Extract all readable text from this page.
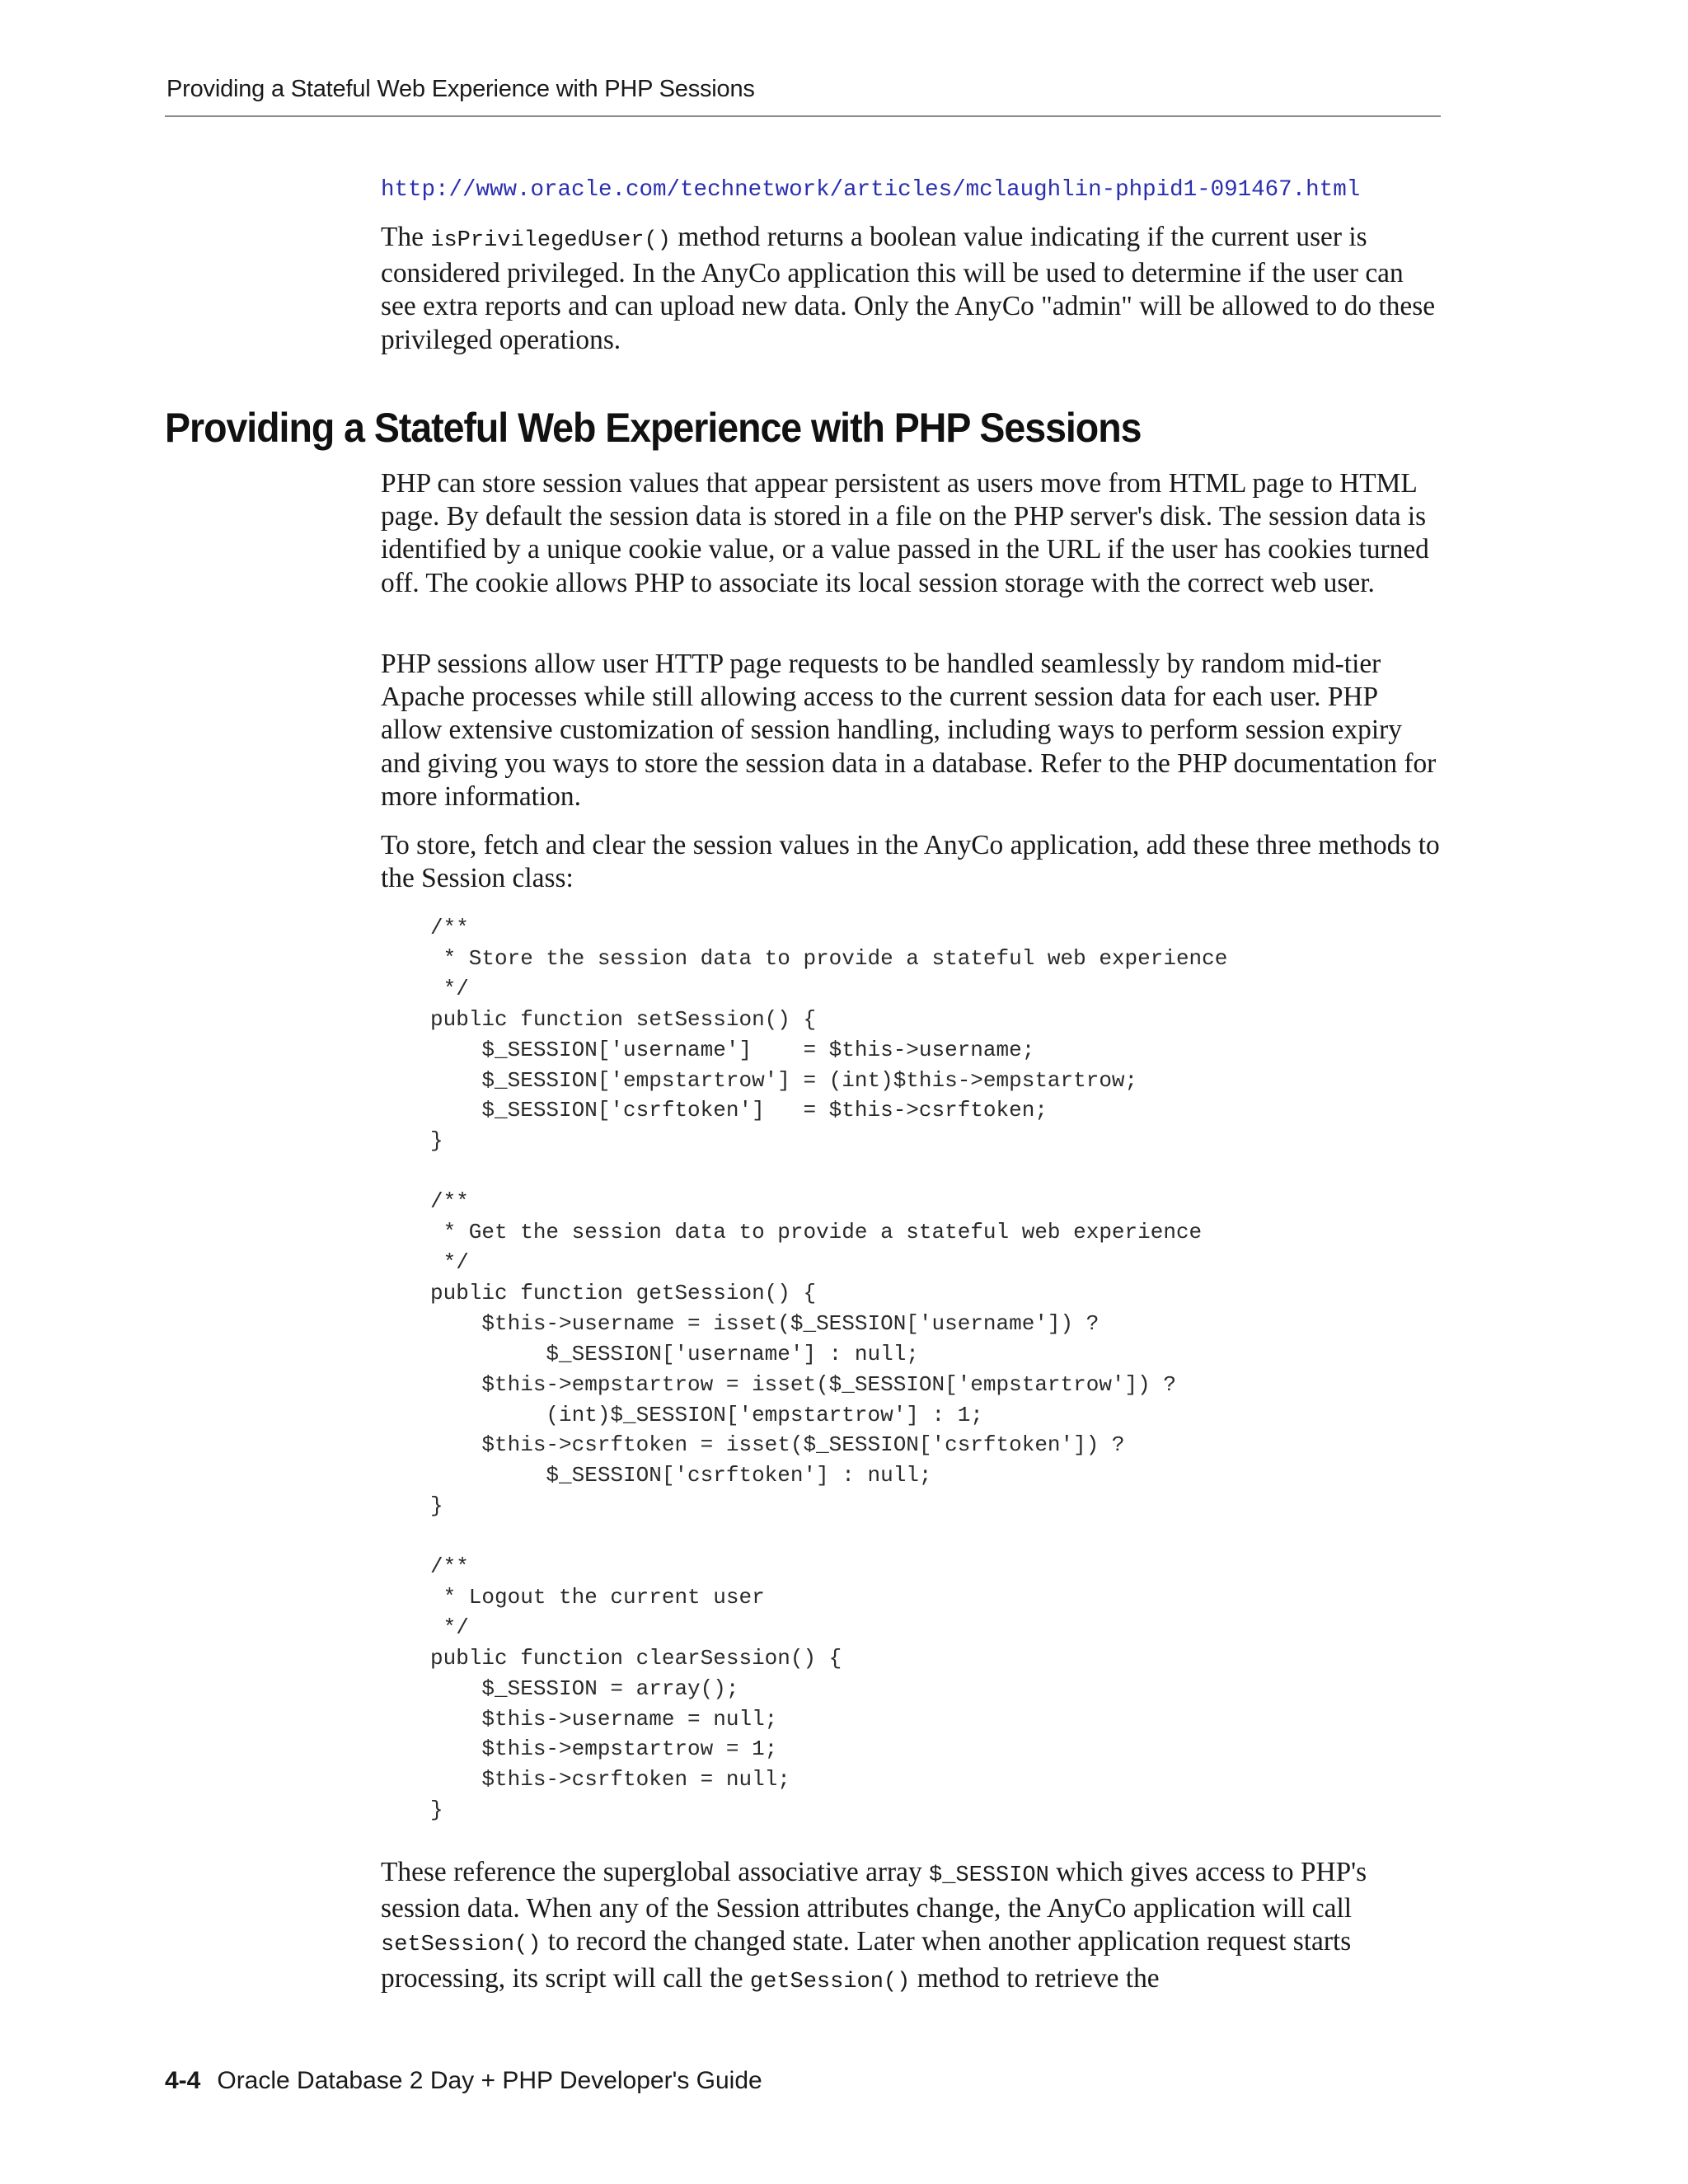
Providing a Stateful Web Experience with PHP Sessions
http://www.oracle.com/technetwork/articles/mclaughlin-phpid1-091467.html

The isPrivilegedUser() method returns a boolean value indicating if the current user is considered privileged. In the AnyCo application this will be used to determine if the user can see extra reports and can upload new data. Only the AnyCo "admin" will be allowed to do these privileged operations.

Providing a Stateful Web Experience with PHP Sessions

PHP can store session values that appear persistent as users move from HTML page to HTML page. By default the session data is stored in a file on the PHP server's disk. The session data is identified by a unique cookie value, or a value passed in the URL if the user has cookies turned off. The cookie allows PHP to associate its local session storage with the correct web user.

PHP sessions allow user HTTP page requests to be handled seamlessly by random mid-tier Apache processes while still allowing access to the current session data for each user. PHP allow extensive customization of session handling, including ways to perform session expiry and giving you ways to store the session data in a database. Refer to the PHP documentation for more information.

To store, fetch and clear the session values in the AnyCo application, add these three methods to the Session class:

/**
* Store the session data to provide a stateful web experience
*/
public function setSession() {
$_SESSION['username']    = $this->username;
$_SESSION['empstartrow'] = (int)$this->empstartrow;
$_SESSION['csrftoken']   = $this->csrftoken;
}

/**
* Get the session data to provide a stateful web experience
*/
public function getSession() {
$this->username = isset($_SESSION['username']) ?
$_SESSION['username'] : null;
$this->empstartrow = isset($_SESSION['empstartrow']) ?
(int)$_SESSION['empstartrow'] : 1;
$this->csrftoken = isset($_SESSION['csrftoken']) ?
$_SESSION['csrftoken'] : null;
}

/**
* Logout the current user
*/
public function clearSession() {
$_SESSION = array();
$this->username = null;
$this->empstartrow = 1;
$this->csrftoken = null;
}

These reference the superglobal associative array $_SESSION which gives access to PHP's session data. When any of the Session attributes change, the AnyCo application will call setSession() to record the changed state. Later when another application request starts processing, its script will call the getSession() method to retrieve the

4-4 Oracle Database 2 Day + PHP Developer's Guide
